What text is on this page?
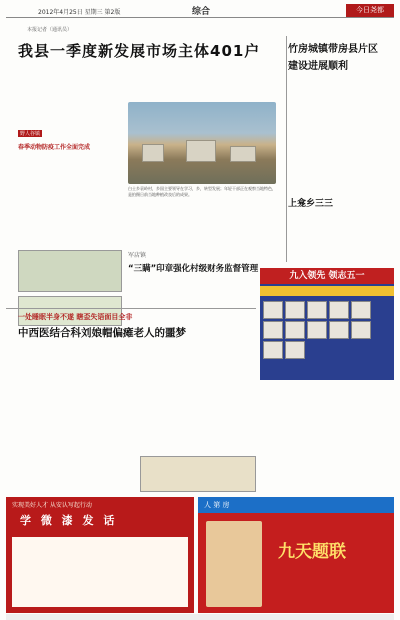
2012年4月25日 星期三 第2版	综合	今日尧都
本报记者（通讯员）
我县一季度新发展市场主体401户	竹房城镇带房县片区
建设进展顺利
野人谷镇
春季动物防疫工作全面完成
白士乡袁岭村，乡国主要领导在学习，乡，转型发展；年轻干部正在观察当地特色，是拍摄日前当地种植改良后的成果。
上龛乡三三
军店镇
“三瞒”印章强化村级财务监督管理
一处睡眠半身不遂 瞎歪失语面目全非
中西医结合科刘娘帽偏瘫老人的噩梦
九入领先 领志五一
实现美好人才 从安认写起行动
学 微 漆 发 话
人 第 房
九天题联
